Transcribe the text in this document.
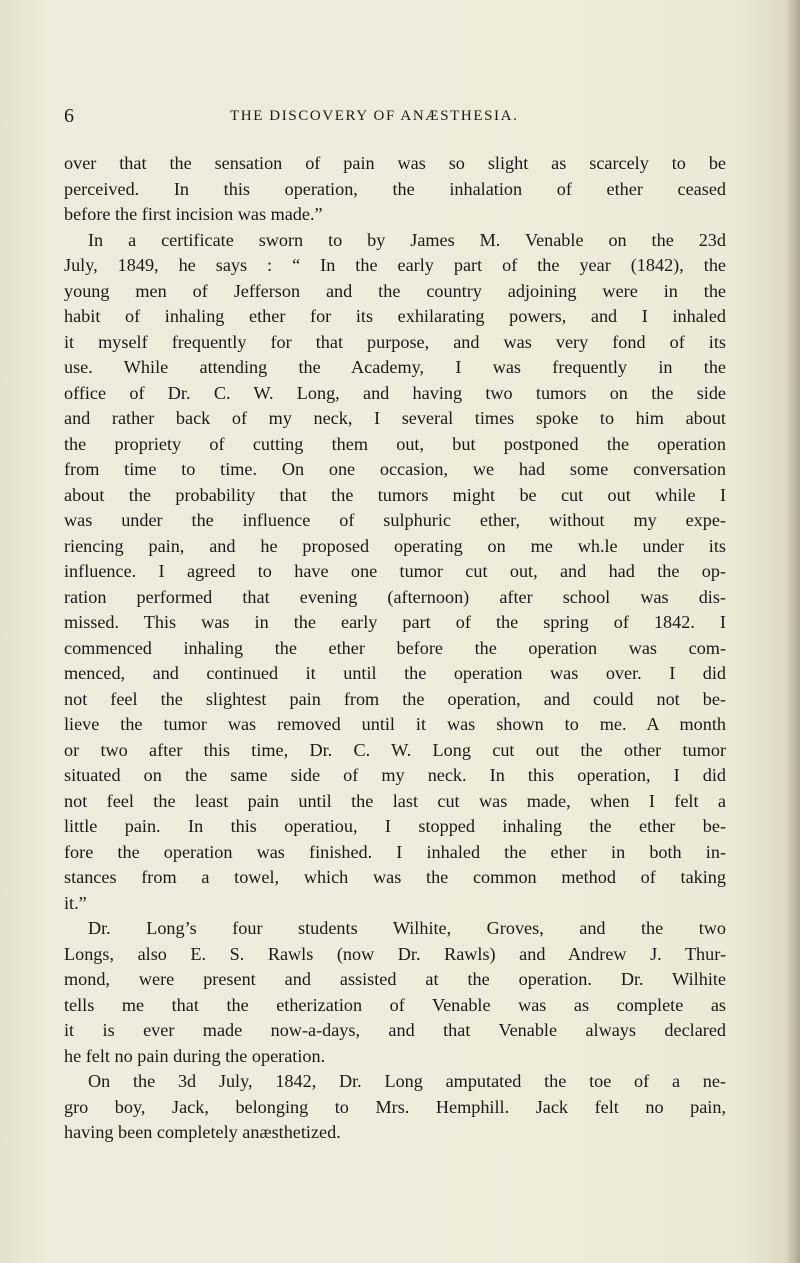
6	THE DISCOVERY OF ANÆSTHESIA.
over that the sensation of pain was so slight as scarcely to be
perceived. In this operation, the inhalation of ether ceased
before the first incision was made.”
In a certificate sworn to by James M. Venable on the 23d
July, 1849, he says : “ In the early part of the year (1842), the
young men of Jefferson and the country adjoining were in the
habit of inhaling ether for its exhilarating powers, and I inhaled
it myself frequently for that purpose, and was very fond of its
use. While attending the Academy, I was frequently in the
office of Dr. C. W. Long, and having two tumors on the side
and rather back of my neck, I several times spoke to him about
the propriety of cutting them out, but postponed the operation
from time to time. On one occasion, we had some conversation
about the probability that the tumors might be cut out while I
was under the influence of sulphuric ether, without my expe-
riencing pain, and he proposed operating on me wh.le under its
influence. I agreed to have one tumor cut out, and had the op-
ration performed that evening (afternoon) after school was dis-
missed. This was in the early part of the spring of 1842. I
commenced inhaling the ether before the operation was com-
menced, and continued it until the operation was over. I did
not feel the slightest pain from the operation, and could not be-
lieve the tumor was removed until it was shown to me. A month
or two after this time, Dr. C. W. Long cut out the other tumor
situated on the same side of my neck. In this operation, I did
not feel the least pain until the last cut was made, when I felt a
little pain. In this operatiou, I stopped inhaling the ether be-
fore the operation was finished. I inhaled the ether in both in-
stances from a towel, which was the common method of taking
it.”
Dr. Long’s four students Wilhite, Groves, and the two
Longs, also E. S. Rawls (now Dr. Rawls) and Andrew J. Thur-
mond, were present and assisted at the operation. Dr. Wilhite
tells me that the etherization of Venable was as complete as
it is ever made now-a-days, and that Venable always declared
he felt no pain during the operation.
On the 3d July, 1842, Dr. Long amputated the toe of a ne-
gro boy, Jack, belonging to Mrs. Hemphill. Jack felt no pain,
having been completely anæsthetized.
